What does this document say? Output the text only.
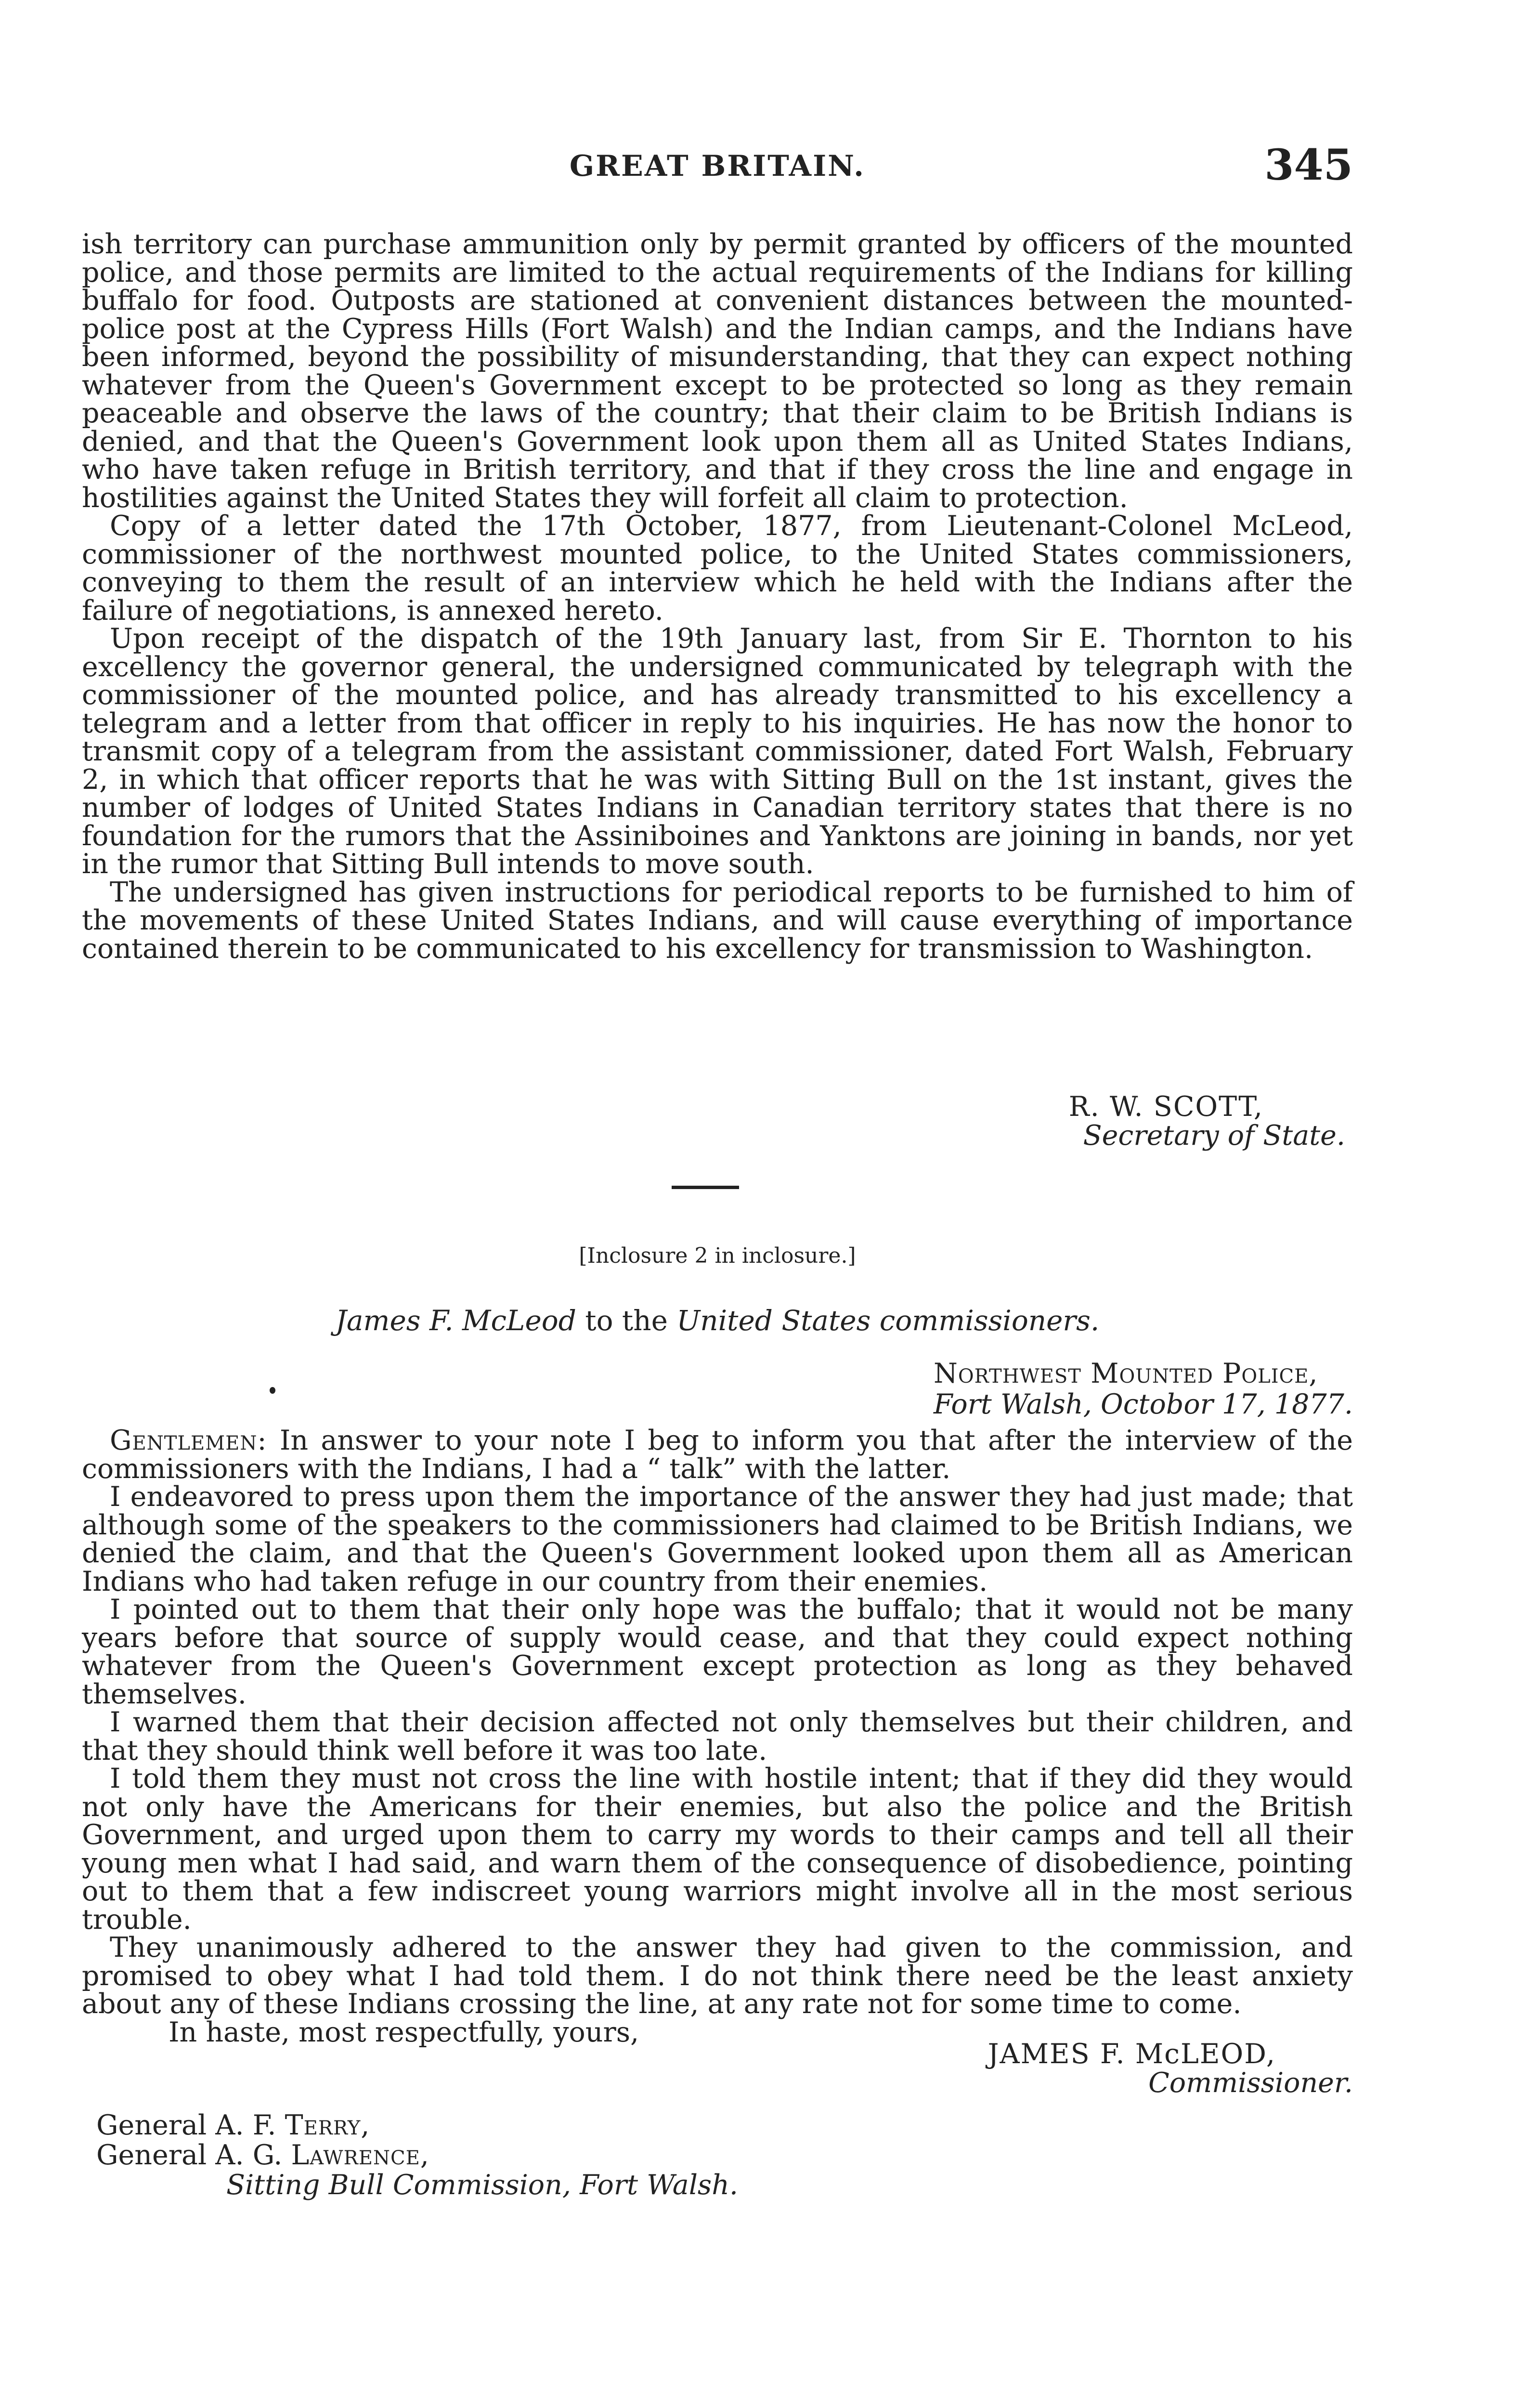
GREAT BRITAIN.	345

ish territory can purchase ammunition only by permit granted by officers of the mounted police, and those permits are limited to the actual requirements of the Indians for killing buffalo for food. Outposts are stationed at convenient distances between the mounted-police post at the Cypress Hills (Fort Walsh) and the Indian camps, and the Indians have been informed, beyond the possibility of misunderstanding, that they can expect nothing whatever from the Queen's Government except to be protected so long as they remain peaceable and observe the laws of the country; that their claim to be British Indians is denied, and that the Queen's Government look upon them all as United States Indians, who have taken refuge in British territory, and that if they cross the line and engage in hostilities against the United States they will forfeit all claim to protection.

Copy of a letter dated the 17th October, 1877, from Lieutenant-Colonel McLeod, commissioner of the northwest mounted police, to the United States commissioners, conveying to them the result of an interview which he held with the Indians after the failure of negotiations, is annexed hereto.

Upon receipt of the dispatch of the 19th January last, from Sir E. Thornton to his excellency the governor general, the undersigned communicated by telegraph with the commissioner of the mounted police, and has already transmitted to his excellency a telegram and a letter from that officer in reply to his inquiries. He has now the honor to transmit copy of a telegram from the assistant commissioner, dated Fort Walsh, February 2, in which that officer reports that he was with Sitting Bull on the 1st instant, gives the number of lodges of United States Indians in Canadian territory states that there is no foundation for the rumors that the Assiniboines and Yanktons are joining in bands, nor yet in the rumor that Sitting Bull intends to move south.

The undersigned has given instructions for periodical reports to be furnished to him of the movements of these United States Indians, and will cause everything of importance contained therein to be communicated to his excellency for transmission to Washington.

R. W. SCOTT,
Secretary of State.
[Inclosure 2 in inclosure.]
James F. McLeod to the United States commissioners.
Northwest Mounted Police,
Fort Walsh, Octobor 17, 1877.

Gentlemen: In answer to your note I beg to inform you that after the interview of the commissioners with the Indians, I had a “ talk” with the latter.

I endeavored to press upon them the importance of the answer they had just made; that although some of the speakers to the commissioners had claimed to be British Indians, we denied the claim, and that the Queen's Government looked upon them all as American Indians who had taken refuge in our country from their enemies.

I pointed out to them that their only hope was the buffalo; that it would not be many years before that source of supply would cease, and that they could expect nothing whatever from the Queen's Government except protection as long as they behaved themselves.

I warned them that their decision affected not only themselves but their children, and that they should think well before it was too late.

I told them they must not cross the line with hostile intent; that if they did they would not only have the Americans for their enemies, but also the police and the British Government, and urged upon them to carry my words to their camps and tell all their young men what I had said, and warn them of the consequence of disobedience, pointing out to them that a few indiscreet young warriors might involve all in the most serious trouble.

They unanimously adhered to the answer they had given to the commission, and promised to obey what I had told them. I do not think there need be the least anxiety about any of these Indians crossing the line, at any rate not for some time to come.

In haste, most respectfully, yours,

JAMES F. McLEOD,
Commissioner.
General A. F. Terry,
General A. G. Lawrence,
Sitting Bull Commission, Fort Walsh.
